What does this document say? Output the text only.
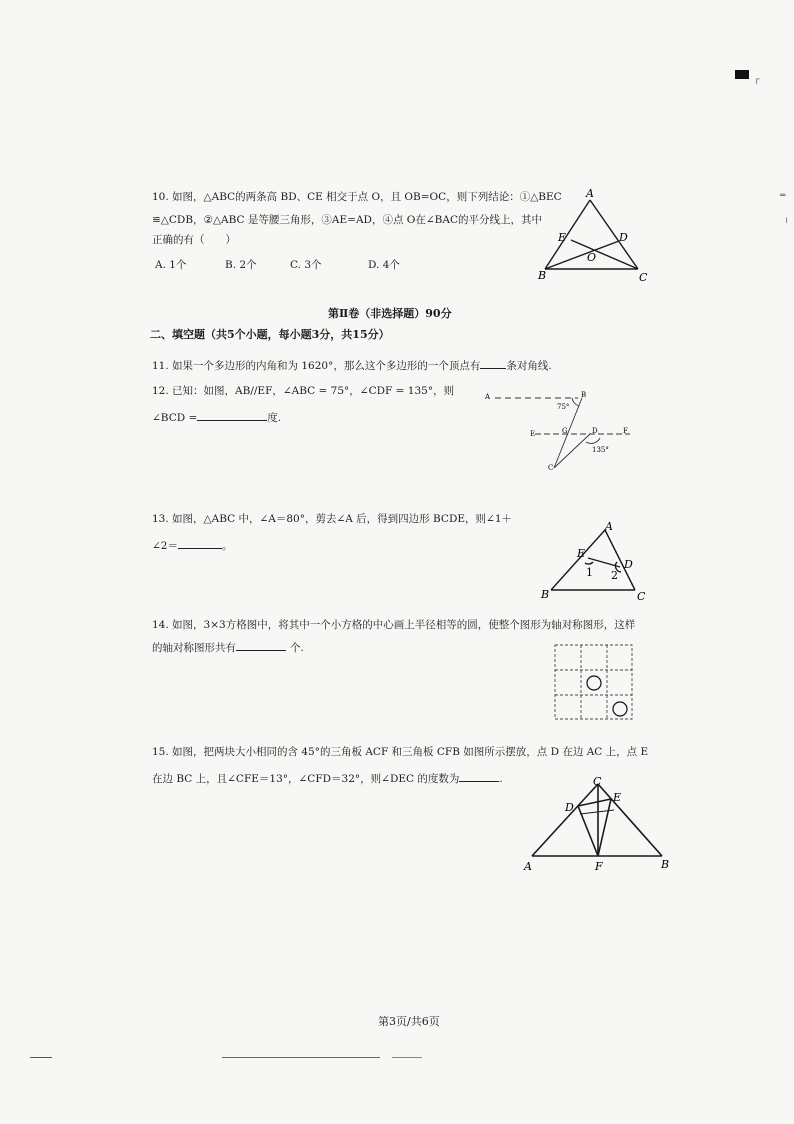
┌
═
╵
10. 如图，△ABC的两条高 BD、CE 相交于点 O，且 OB=OC，则下列结论：①△BEC
≌△CDB，②△ABC 是等腰三角形，③AE=AD，④点 O在∠BAC的平分线上，其中
正确的有（　　）
A. 1个	B. 2个	C. 3个	D. 4个
A
E	D
O
B	C
第Ⅱ卷（非选择题）90分
二、填空题（共5个小题，每小题3分，共15分）
11. 如果一个多边形的内角和为 1620°，那么这个多边形的一个顶点有 条对角线.
12. 已知：如图，AB//EF，∠ABC = 75°，∠CDF = 135°，则
∠BCD =	度.
A	B
E	G	D	F
C
75°
135°
13. 如图，△ABC 中，∠A＝80°，剪去∠A 后，得到四边形 BCDE，则∠1＋
∠2＝	。
A
E
D
1 2
B	C
14. 如图，3×3方格图中，将其中一个小方格的中心画上半径相等的圆，使整个图形为轴对称图形，这样
的轴对称图形共有	个.
15. 如图，把两块大小相同的含 45°的三角板 ACF 和三角板 CFB 如图所示摆放，点 D 在边 AC 上，点 E
在边 BC 上，且∠CFE＝13°，∠CFD＝32°，则∠DEC 的度数为	.	C
D
E
A	F	B
第3页/共6页
